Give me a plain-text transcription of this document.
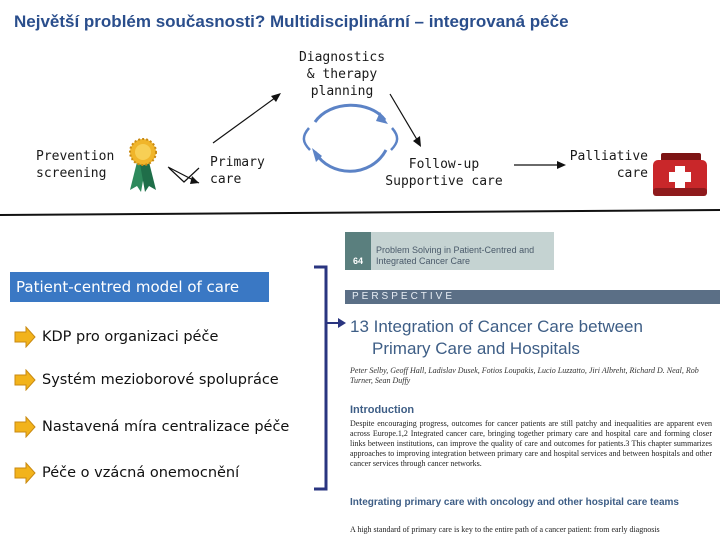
Největší problém současnosti? Multidisciplinární – integrovaná péče
Prevention
screening
Primary
care
Diagnostics
& therapy
planning
Follow-up
Supportive care
Palliative
care
Patient-centred model of care
KDP pro organizaci péče
Systém mezioborové spolupráce
Nastavená míra centralizace péče
Péče o vzácná onemocnění
64
Problem Solving in Patient-Centred and
Integrated Cancer Care
PERSPECTIVE
13 Integration of Cancer Care between
Primary Care and Hospitals
Peter Selby, Geoff Hall, Ladislav Dusek, Fotios Loupakis, Lucio Luzzatto, Jiri Albreht, Richard D. Neal, Rob Turner, Sean Duffy
Introduction
Despite encouraging progress, outcomes for cancer patients are still patchy and inequalities are apparent even across Europe.1,2 Integrated cancer care, bringing together primary care and hospital care and forming closer links between institutions, can improve the quality of care and outcomes for patients.3 This chapter summarizes approaches to improving integration between primary care and hospital services and between hospitals and other cancer services through cancer networks.
Integrating primary care with oncology and other hospital care teams
A high standard of primary care is key to the entire path of a cancer patient: from early diagnosis
